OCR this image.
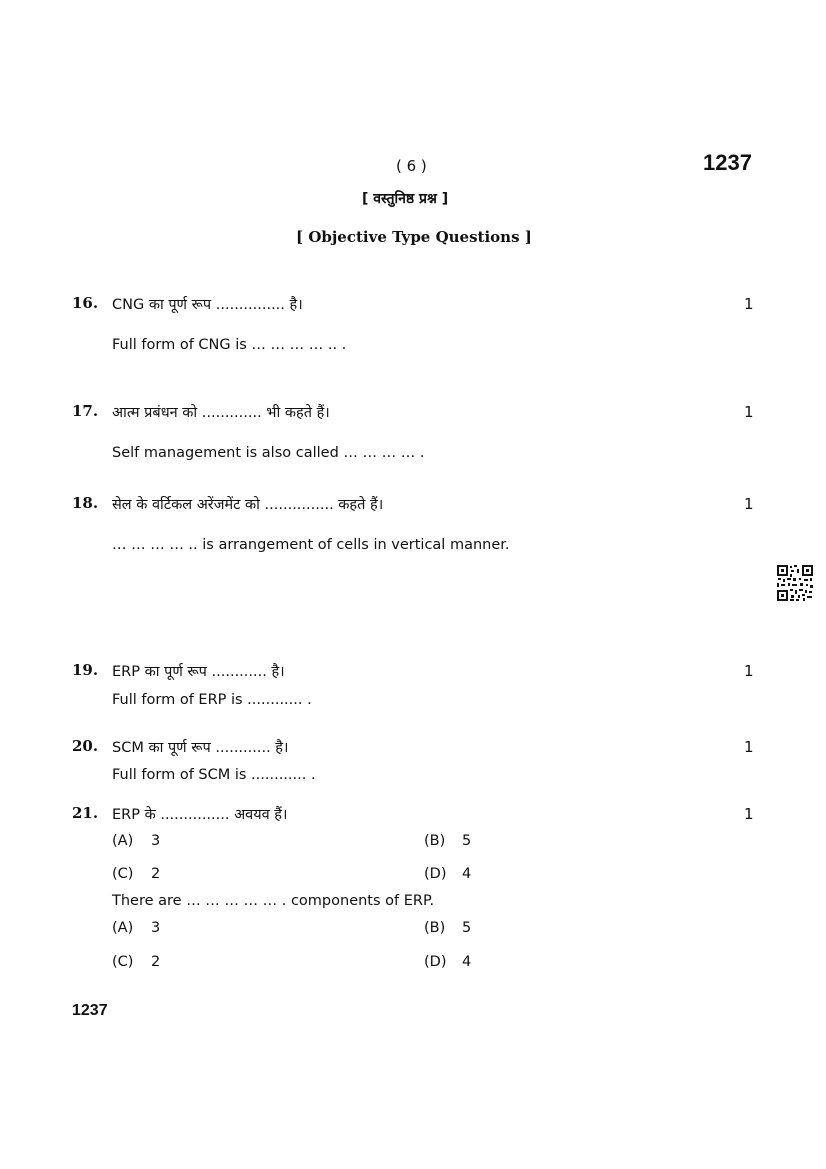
( 6 )	1237
[ वस्तुनिष्ठ प्रश्न ]
[ Objective Type Questions ]
16. CNG का पूर्ण रूप ............... है।	1
Full form of CNG is … … … … .. .
17. आत्म प्रबंधन को ............. भी कहते हैं।	1
Self management is also called … … … … .
18. सेल के वर्टिकल अरेंजमेंट को ............... कहते हैं।	1
… … … … .. is arrangement of cells in vertical manner.
19. ERP का पूर्ण रूप ............ है।	1
Full form of ERP is ............ .
20. SCM का पूर्ण रूप ............ है।	1
Full form of SCM is ............ .
21. ERP के ............... अवयव हैं।	1
(A) 3	(B) 5
(C) 2	(D) 4
There are … … … … … . components of ERP.
(A) 3	(B) 5
(C) 2	(D) 4
1237
